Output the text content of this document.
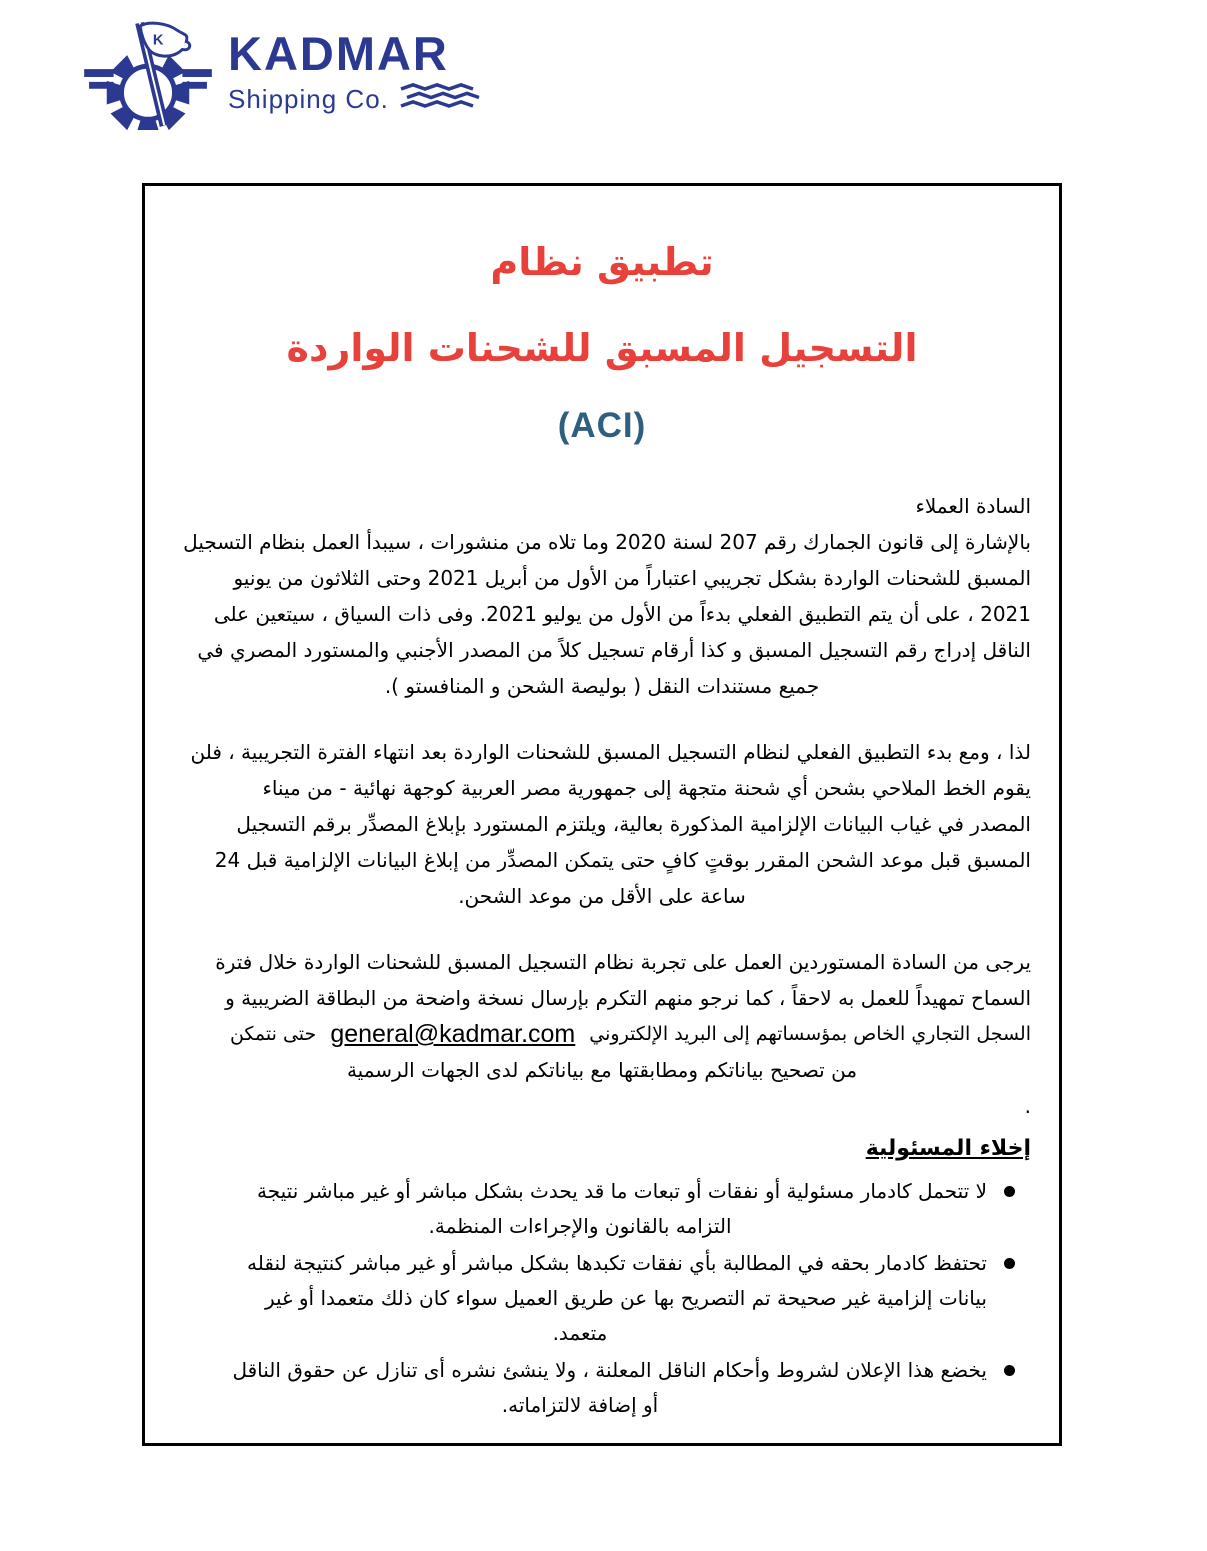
K KADMAR
Shipping Co.
تطبيق نظام
التسجيل المسبق للشحنات الواردة
(ACI)
السادة العملاء
بالإشارة إلى قانون الجمارك رقم 207 لسنة 2020 وما تلاه من منشورات ، سيبدأ العمل بنظام التسجيل
المسبق للشحنات الواردة بشكل تجريبي اعتباراً من الأول من أبريل 2021 وحتى الثلاثون من يونيو
2021 ، على أن يتم التطبيق الفعلي بدءاً من الأول من يوليو 2021. وفى ذات السياق ، سيتعين على
الناقل إدراج رقم التسجيل المسبق و كذا أرقام تسجيل كلاً من المصدر الأجنبي والمستورد المصري في
جميع مستندات النقل ( بوليصة الشحن و المنافستو ).
لذا ، ومع بدء التطبيق الفعلي لنظام التسجيل المسبق للشحنات الواردة بعد انتهاء الفترة التجريبية ، فلن
يقوم الخط الملاحي بشحن أي شحنة متجهة إلى جمهورية مصر العربية كوجهة نهائية - من ميناء
المصدر في غياب البيانات الإلزامية المذكورة بعالية، ويلتزم المستورد بإبلاغ المصدِّر برقم التسجيل
المسبق قبل موعد الشحن المقرر بوقتٍ كافٍ حتى يتمكن المصدِّر من إبلاغ البيانات الإلزامية قبل 24
ساعة على الأقل من موعد الشحن.
يرجى من السادة المستوردين العمل على تجربة نظام التسجيل المسبق للشحنات الواردة خلال فترة
السماح تمهيداً للعمل به لاحقاً ، كما نرجو منهم التكرم بإرسال نسخة واضحة من البطاقة الضريبية و
السجل التجاري الخاص بمؤسساتهم إلى البريد الإلكتروني general@kadmar.com حتى نتمكن
من تصحيح بياناتكم ومطابقتها مع بياناتكم لدى الجهات الرسمية
.
إخلاء المسئولية
لا تتحمل كادمار مسئولية أو نفقات أو تبعات ما قد يحدث بشكل مباشر أو غير مباشر نتيجة
التزامه بالقانون والإجراءات المنظمة.
تحتفظ كادمار بحقه في المطالبة بأي نفقات تكبدها بشكل مباشر أو غير مباشر كنتيجة لنقله
بيانات إلزامية غير صحيحة تم التصريح بها عن طريق العميل سواء كان ذلك متعمدا أو غير
متعمد.
يخضع هذا الإعلان لشروط وأحكام الناقل المعلنة ، ولا ينشئ نشره أى تنازل عن حقوق الناقل
أو إضافة لالتزاماته.
